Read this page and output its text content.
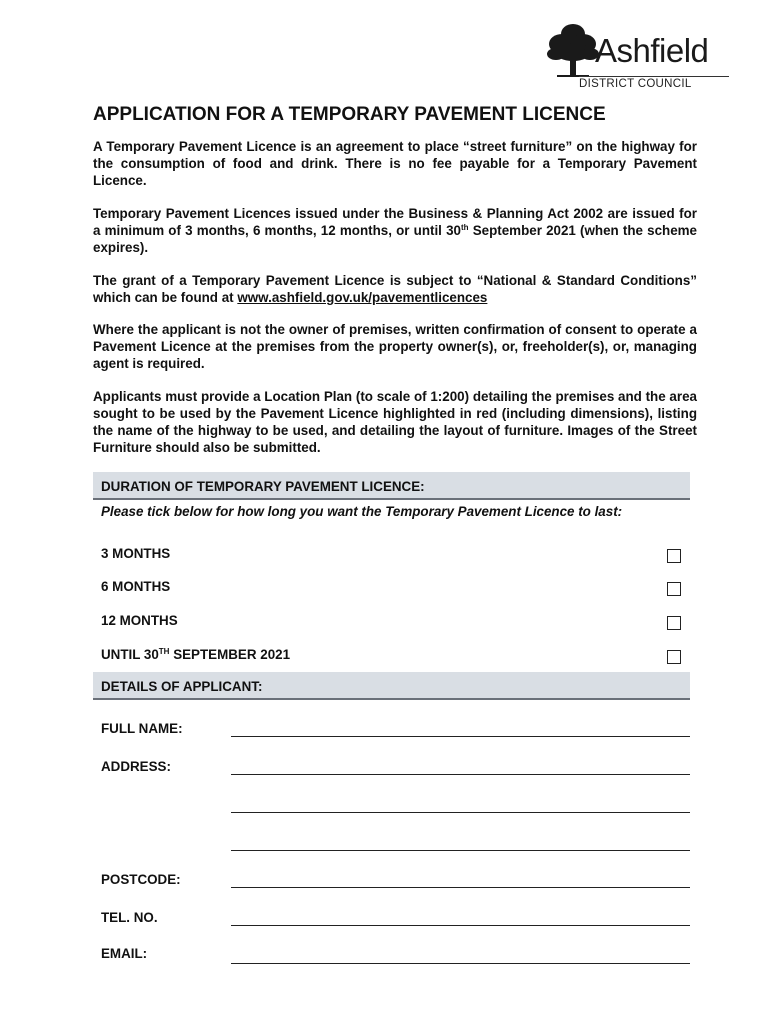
Ashfield
DISTRICT COUNCIL
APPLICATION FOR A TEMPORARY PAVEMENT LICENCE

A Temporary Pavement Licence is an agreement to place “street furniture” on the highway for the consumption of food and drink. There is no fee payable for a Temporary Pavement Licence.

Temporary Pavement Licences issued under the Business & Planning Act 2002 are issued for a minimum of 3 months, 6 months, 12 months, or until 30th September 2021 (when the scheme expires).

The grant of a Temporary Pavement Licence is subject to “National & Standard Conditions” which can be found at www.ashfield.gov.uk/pavementlicences

Where the applicant is not the owner of premises, written confirmation of consent to operate a Pavement Licence at the premises from the property owner(s), or, freeholder(s), or, managing agent is required.

Applicants must provide a Location Plan (to scale of 1:200) detailing the premises and the area sought to be used by the Pavement Licence highlighted in red (including dimensions), listing the name of the highway to be used, and detailing the layout of furniture. Images of the Street Furniture should also be submitted.

DURATION OF TEMPORARY PAVEMENT LICENCE:

Please tick below for how long you want the Temporary Pavement Licence to last:

3 MONTHS
6 MONTHS
12 MONTHS
UNTIL 30TH SEPTEMBER 2021
DETAILS OF APPLICANT:
FULL NAME:
ADDRESS:
POSTCODE:
TEL. NO.
EMAIL:
